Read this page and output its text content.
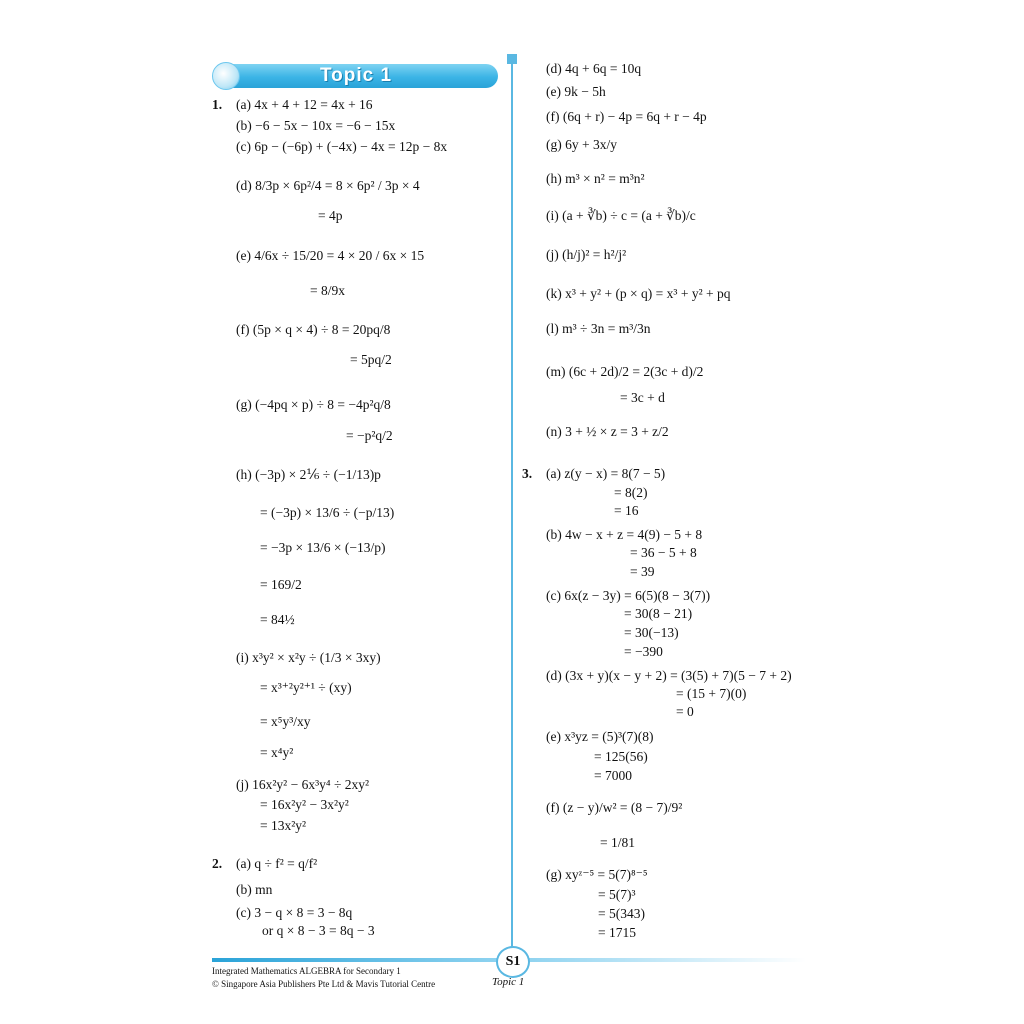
Topic 1
1. (a) 4x + 4 + 12 = 4x + 16
(b) −6 − 5x − 10x = −6 − 15x
(c) 6p − (−6p) + (−4x) − 4x = 12p − 8x
(d) 8/3p × 6p²/4 = 8 × 6p² / 3p × 4
= 4p
(e) 4/6x ÷ 15/20 = 4 × 20 / 6x × 15
= 8/9x
(f) (5p × q × 4) ÷ 8 = 20pq/8
= 5pq/2
(g) (−4pq × p) ÷ 8 = −4p²q/8
= −p²q/2
(h) (−3p) × 2⅙ ÷ (−1/13)p
= (−3p) × 13/6 ÷ (−p/13)
= −3p × 13/6 × (−13/p)
= 169/2
= 84½
(i) x³y² × x²y ÷ (1/3 × 3xy)
= x³⁺²y²⁺¹ ÷ (xy)
= x⁵y³/xy
= x⁴y²
(j) 16x²y² − 6x³y⁴ ÷ 2xy²
= 16x²y² − 3x²y²
= 13x²y²
2. (a) q ÷ f² = q/f²
(b) mn
(c) 3 − q × 8 = 3 − 8q
or q × 8 − 3 = 8q − 3
(d) 4q + 6q = 10q
(e) 9k − 5h
(f) (6q + r) − 4p = 6q + r − 4p
(g) 6y + 3x/y
(h) m³ × n² = m³n²
(i) (a + ∛b) ÷ c = (a + ∛b)/c
(j) (h/j)² = h²/j²
(k) x³ + y² + (p × q) = x³ + y² + pq
(l) m³ ÷ 3n = m³/3n
(m) (6c + 2d)/2 = 2(3c + d)/2
= 3c + d
(n) 3 + ½ × z = 3 + z/2
3. (a) z(y − x) = 8(7 − 5)
= 8(2)
= 16
(b) 4w − x + z = 4(9) − 5 + 8
= 36 − 5 + 8
= 39
(c) 6x(z − 3y) = 6(5)(8 − 3(7))
= 30(8 − 21)
= 30(−13)
= −390
(d) (3x + y)(x − y + 2) = (3(5) + 7)(5 − 7 + 2)
= (15 + 7)(0)
= 0
(e) x³yz = (5)³(7)(8)
= 125(56)
= 7000
(f) (z − y)/w² = (8 − 7)/9²
= 1/81
(g) xyᶻ⁻⁵ = 5(7)⁸⁻⁵
= 5(7)³
= 5(343)
= 1715
S1
Integrated Mathematics ALGEBRA for Secondary 1
© Singapore Asia Publishers Pte Ltd & Mavis Tutorial Centre	Topic 1
